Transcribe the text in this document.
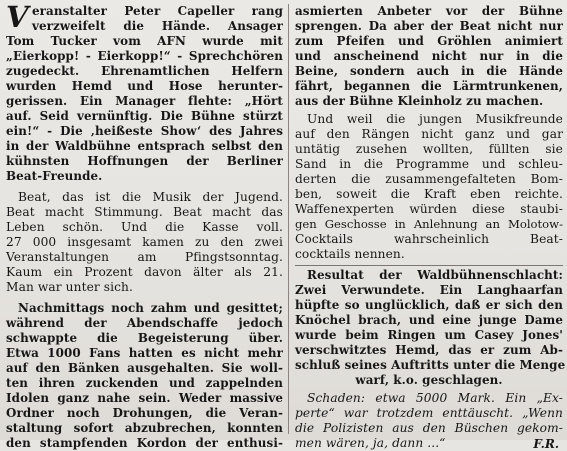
V eranstalter Peter Capeller rang
verzweifelt die Hände. Ansager
Tom Tucker vom AFN wurde mit
„Eierkopp! - Eierkopp!“ - Sprechchören
zugedeckt. Ehrenamtlichen Helfern
wurden Hemd und Hose herunter-
gerissen. Ein Manager flehte: „Hört
auf. Seid vernünftig. Die Bühne stürzt
ein!“ - Die ‚heißeste Show‘ des Jahres
in der Waldbühne entsprach selbst den
kühnsten Hoffnungen der Berliner
Beat-Freunde.
Beat, das ist die Musik der Jugend.
Beat macht Stimmung. Beat macht das
Leben schön. Und die Kasse voll.
27 000 insgesamt kamen zu den zwei
Veranstaltungen am Pfingstsonntag.
Kaum ein Prozent davon älter als 21.
Man war unter sich.
Nachmittags noch zahm und gesittet;
während der Abendschaffe jedoch
schwappte die Begeisterung über.
Etwa 1000 Fans hatten es nicht mehr
auf den Bänken ausgehalten. Sie woll-
ten ihren zuckenden und zappelnden
Idolen ganz nahe sein. Weder massive
Ordner noch Drohungen, die Veran-
staltung sofort abzubrechen, konnten
den stampfenden Kordon der enthusi-
asmierten Anbeter vor der Bühne
sprengen. Da aber der Beat nicht nur
zum Pfeifen und Gröhlen animiert
und anscheinend nicht nur in die
Beine, sondern auch in die Hände
fährt, begannen die Lärmtrunkenen,
aus der Bühne Kleinholz zu machen.
Und weil die jungen Musikfreunde
auf den Rängen nicht ganz und gar
untätig zusehen wollten, füllten sie
Sand in die Programme und schleu-
derten die zusammengefalteten Bom-
ben, soweit die Kraft eben reichte.
Waffenexperten würden diese staubi-
gen Geschosse in Anlehnung an Molotow-
Cocktails wahrscheinlich Beat-
cocktails nennen.
Resultat der Waldbühnenschlacht:
Zwei Verwundete. Ein Langhaarfan
hüpfte so unglücklich, daß er sich den
Knöchel brach, und eine junge Dame
wurde beim Ringen um Casey Jones'
verschwitztes Hemd, das er zum Ab-
schluß seines Auftritts unter die Menge
warf, k.o. geschlagen.
Schaden: etwa 5000 Mark. Ein „Ex-
perte“ war trotzdem enttäuscht. „Wenn
die Polizisten aus den Büschen gekom-
men wären, ja, dann ...“	F.R.
